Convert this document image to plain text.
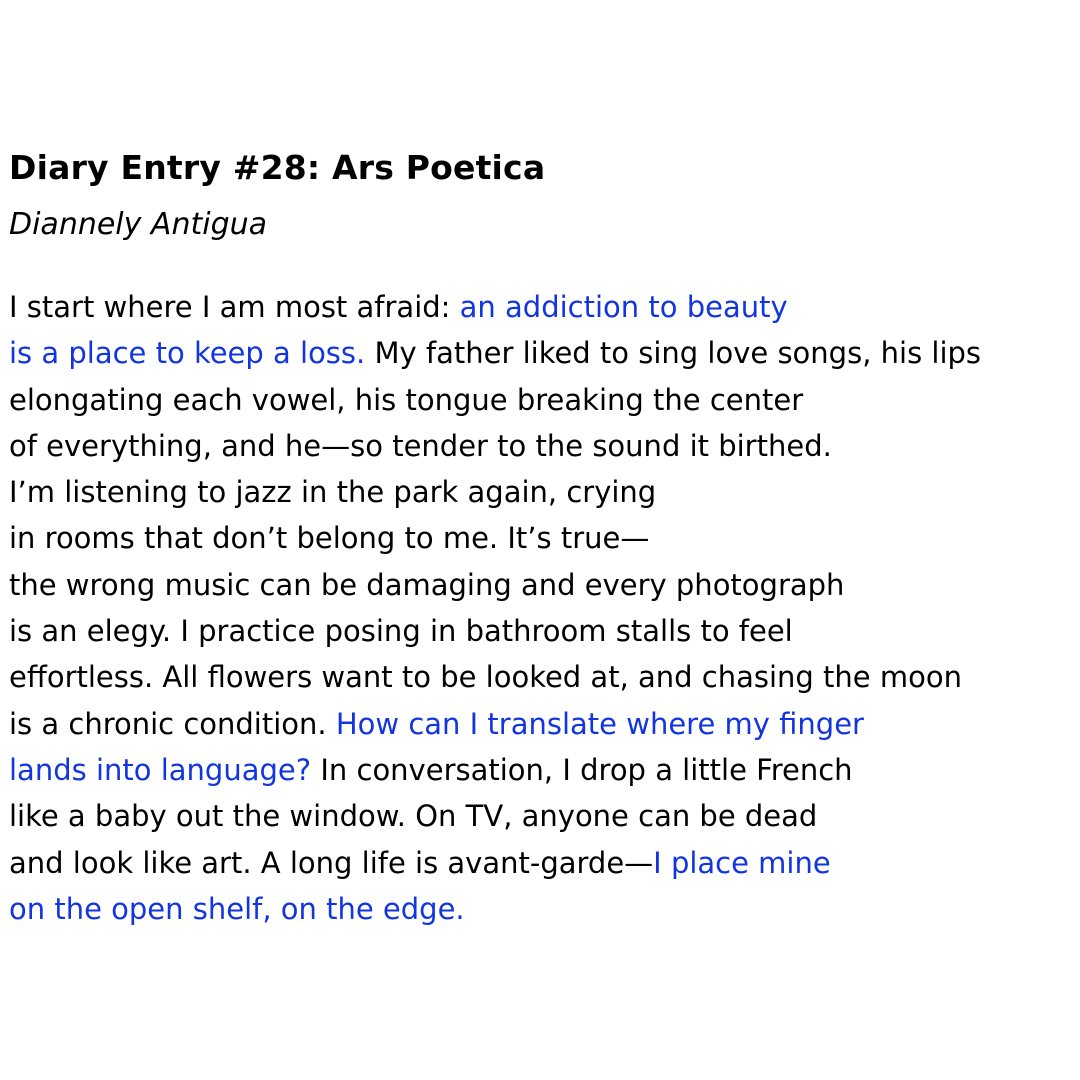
Diary Entry #28: Ars Poetica

Diannely Antigua

I start where I am most afraid: an addiction to beauty
is a place to keep a loss. My father liked to sing love songs, his lips
elongating each vowel, his tongue breaking the center
of everything, and he—so tender to the sound it birthed.
I’m listening to jazz in the park again, crying
in rooms that don’t belong to me. It’s true—
the wrong music can be damaging and every photograph
is an elegy. I practice posing in bathroom stalls to feel
effortless. All flowers want to be looked at, and chasing the moon
is a chronic condition. How can I translate where my finger
lands into language? In conversation, I drop a little French
like a baby out the window. On TV, anyone can be dead
and look like art. A long life is avant-garde—I place mine
on the open shelf, on the edge.
